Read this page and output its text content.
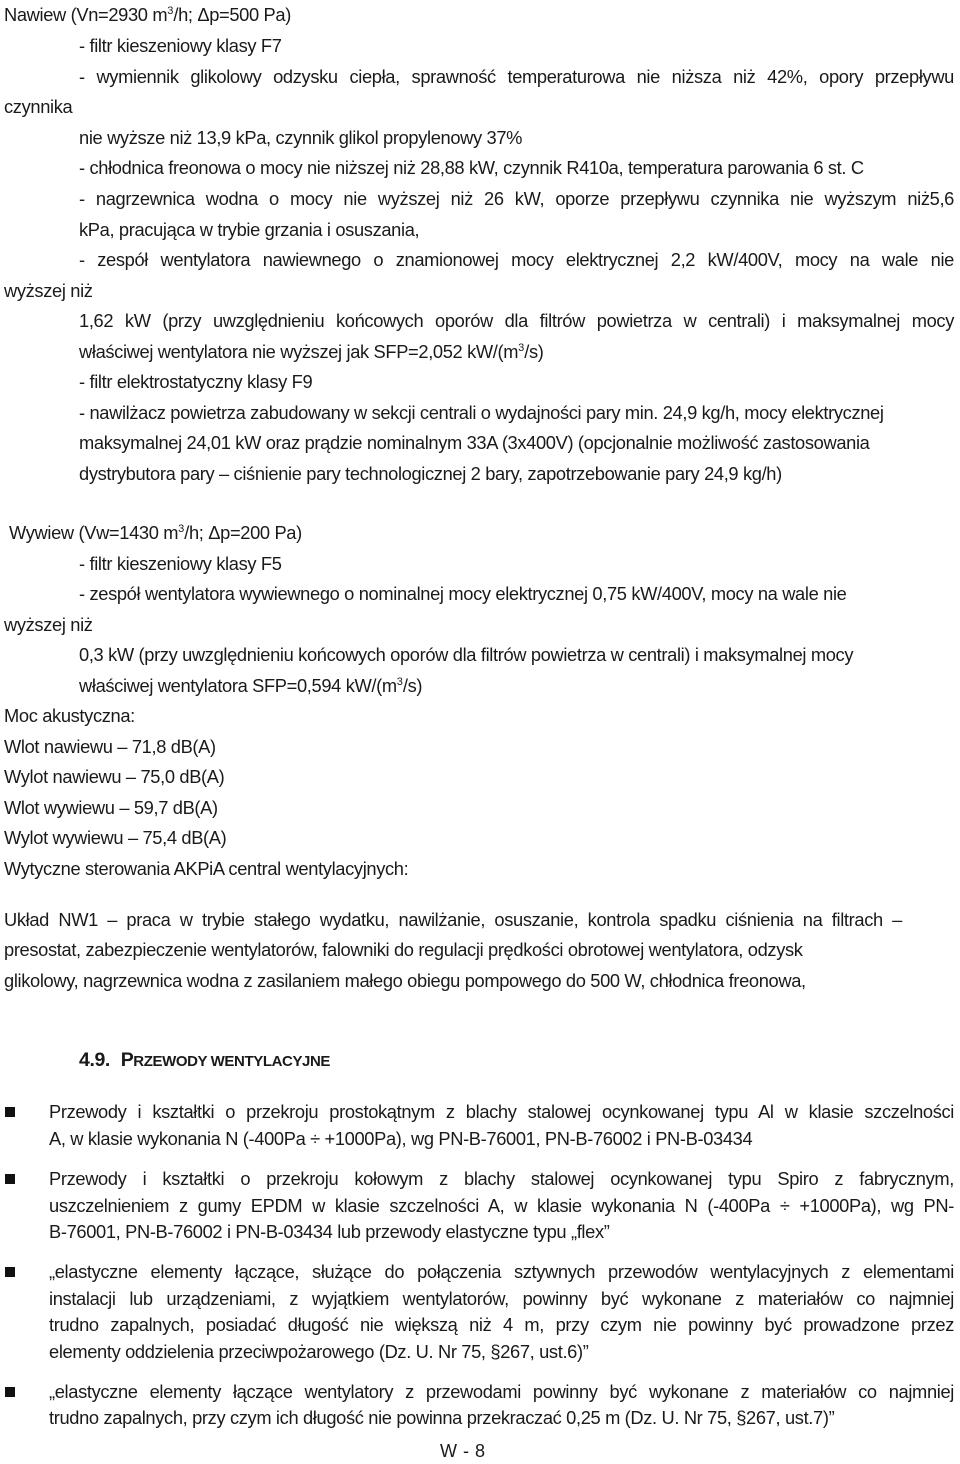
Nawiew (Vn=2930 $m^3/h$; Δp=500 Pa)
- filtr kieszeniowy klasy F7
- wymiennik glikolowy odzysku ciepła, sprawność temperaturowa nie niższa niż 42%, opory przepływu
czynnika
nie wyższe niż 13,9 kPa, czynnik glikol propylenowy 37%
- chłodnica freonowa o mocy nie niższej niż 28,88 kW, czynnik R410a, temperatura parowania 6 st. C
- nagrzewnica wodna o mocy nie wyższej niż 26 kW, oporze przepływu czynnika nie wyższym niż5,6
kPa, pracująca w trybie grzania i osuszania,
- zespół wentylatora nawiewnego o znamionowej mocy elektrycznej 2,2 kW/400V, mocy na wale nie
wyższej niż
1,62 kW (przy uwzględnieniu końcowych oporów dla filtrów powietrza w centrali) i maksymalnej mocy
właściwej wentylatora nie wyższej jak SFP=2,052 $kW/(m^3/s)$
- filtr elektrostatyczny klasy F9
- nawilżacz powietrza zabudowany w sekcji centrali o wydajności pary min. 24,9 kg/h, mocy elektrycznej
maksymalnej 24,01 kW oraz prądzie nominalnym 33A (3x400V) (opcjonalnie możliwość zastosowania
dystrybutora pary – ciśnienie pary technologicznej 2 bary, zapotrzebowanie pary 24,9 kg/h)
Wywiew (Vw=1430 $m^3/h$; Δp=200 Pa)
- filtr kieszeniowy klasy F5
- zespół wentylatora wywiewnego o nominalnej mocy elektrycznej 0,75 kW/400V, mocy na wale nie
wyższej niż
0,3 kW (przy uwzględnieniu końcowych oporów dla filtrów powietrza w centrali) i maksymalnej mocy
właściwej wentylatora SFP=0,594 $kW/(m^3/s)$
Moc akustyczna:
Wlot nawiewu – 71,8 dB(A)
Wylot nawiewu – 75,0 dB(A)
Wlot wywiewu – 59,7 dB(A)
Wylot wywiewu – 75,4 dB(A)
Wytyczne sterowania AKPiA central wentylacyjnych:
Układ NW1 – praca w trybie stałego wydatku, nawilżanie, osuszanie, kontrola spadku ciśnienia na filtrach –
presostat, zabezpieczenie wentylatorów, falowniki do regulacji prędkości obrotowej wentylatora, odzysk
glikolowy, nagrzewnica wodna z zasilaniem małego obiegu pompowego do 500 W, chłodnica freonowa,
4.9. PRZEWODY WENTYLACYJNE
Przewody i kształtki o przekroju prostokątnym z blachy stalowej ocynkowanej typu Al w klasie szczelności
A, w klasie wykonania N (-400Pa ÷ +1000Pa), wg PN-B-76001, PN-B-76002 i PN-B-03434
Przewody i kształtki o przekroju kołowym z blachy stalowej ocynkowanej typu Spiro z fabrycznym,
uszczelnieniem z gumy EPDM w klasie szczelności A, w klasie wykonania N (-400Pa ÷ +1000Pa), wg PN-
B-76001, PN-B-76002 i PN-B-03434 lub przewody elastyczne typu „flex”
„elastyczne elementy łączące, służące do połączenia sztywnych przewodów wentylacyjnych z elementami
instalacji lub urządzeniami, z wyjątkiem wentylatorów, powinny być wykonane z materiałów co najmniej
trudno zapalnych, posiadać długość nie większą niż 4 m, przy czym nie powinny być prowadzone przez
elementy oddzielenia przeciwpożarowego (Dz. U. Nr 75, §267, ust.6)”
„elastyczne elementy łączące wentylatory z przewodami powinny być wykonane z materiałów co najmniej
trudno zapalnych, przy czym ich długość nie powinna przekraczać 0,25 m (Dz. U. Nr 75, §267, ust.7)”
W - 8
